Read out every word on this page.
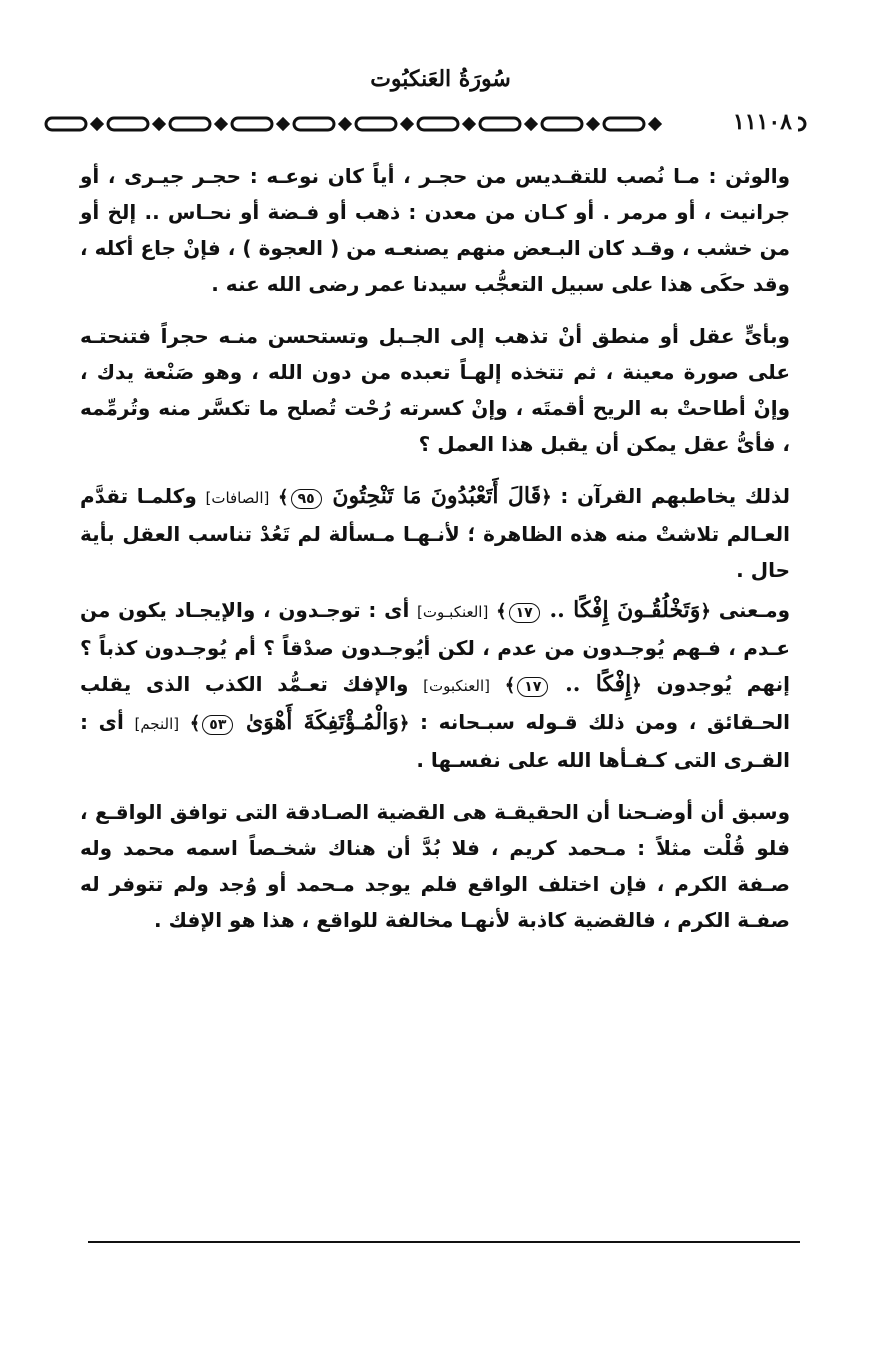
سُورَةُ العَنكبُوت
١١١٠٨

والوثن : مـا نُصب للتقـديس من حجـر ، أياً كان نوعـه : حجـر جيـرى ، أو جرانيت ، أو مرمر . أو كـان من معدن : ذهب أو فـضة أو نحـاس .. إلخ أو من خشب ، وقـد كان البـعض منهم يصنعـه من ( العجوة ) ، فإنْ جاع أكله ، وقد حكَى هذا على سبيل التعجُّب سيدنا عمر رضى الله عنه .

وبأىٍّ عقل أو منطق أنْ تذهب إلى الجـبل وتستحسن منـه حجراً فتنحتـه على صورة معينة ، ثم تتخذه إلهـاً تعبده من دون الله ، وهو صَنْعة يدك ، وإنْ أطاحتْ به الريح أقمتَه ، وإنْ كسرته رُحْت تُصلح ما تكسَّر منه وتُرمِّمه ، فأىُّ عقل يمكن أن يقبل هذا العمل ؟

لذلك يخاطبهم القرآن : ﴿قَالَ أَتَعْبُدُونَ مَا تَنْحِتُونَ ٩٥﴾ [الصافات] وكلمـا تقدَّم العـالم تلاشتْ منه هذه الظاهرة ؛ لأنـهـا مـسألة لم تَعُدْ تناسب العقل بأية حال .

ومـعنى ﴿وَتَخْلُقُـونَ إِفْكًا .. ١٧﴾ [العنكبـوت] أى : توجـدون ، والإيجـاد يكون من عـدم ، فـهم يُوجـدون من عدم ، لكن أيُوجـدون صدْقاً ؟ أم يُوجـدون كذباً ؟ إنهم يُوجدون ﴿إِفْكًا .. ١٧﴾ [العنكبوت] والإفك تعـمُّد الكذب الذى يقلب الحـقائق ، ومن ذلك قـوله سبـحانه : ﴿وَالْمُـؤْتَفِكَةَ أَهْوَىٰ ٥٣﴾ [النجم] أى : القـرى التى كـفـأها الله على نفسـها .

وسبق أن أوضـحنا أن الحقيقـة هى القضية الصـادقة التى توافق الواقـع ، فلو قُلْت مثلاً : مـحمد كريم ، فلا بُدَّ أن هناك شخـصاً اسمه محمد وله صـفة الكرم ، فإن اختلف الواقع فلم يوجد مـحمد أو وُجد ولم تتوفر له صفـة الكرم ، فالقضية كاذبة لأنهـا مخالفة للواقع ، هذا هو الإفك .
